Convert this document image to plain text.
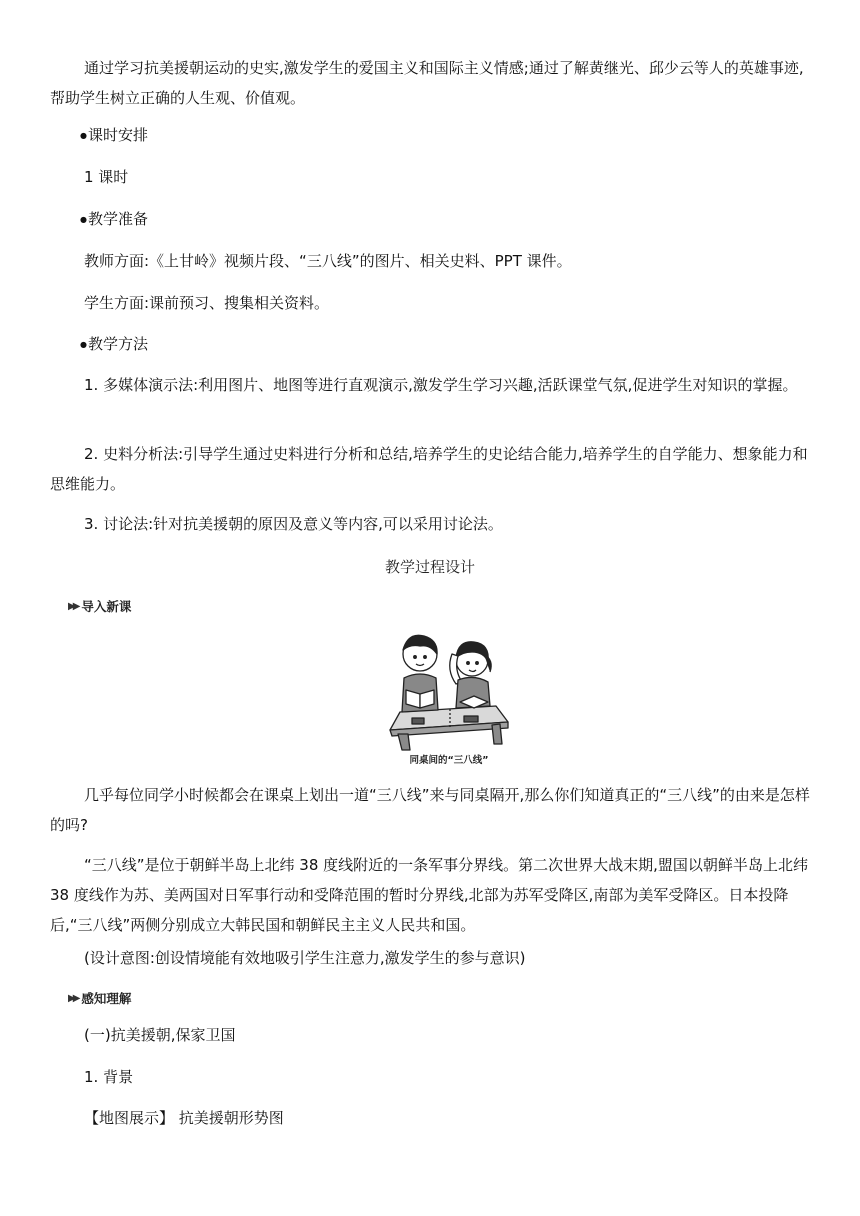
通过学习抗美援朝运动的史实,激发学生的爱国主义和国际主义情感;通过了解黄继光、邱少云等人的英雄事迹,帮助学生树立正确的人生观、价值观。

● 课时安排

1 课时

● 教学准备

教师方面:《上甘岭》视频片段、“三八线”的图片、相关史料、PPT 课件。

学生方面:课前预习、搜集相关资料。

● 教学方法

1. 多媒体演示法:利用图片、地图等进行直观演示,激发学生学习兴趣,活跃课堂气氛,促进学生对知识的掌握。

2. 史料分析法:引导学生通过史料进行分析和总结,培养学生的史论结合能力,培养学生的自学能力、想象能力和思维能力。

3. 讨论法:针对抗美援朝的原因及意义等内容,可以采用讨论法。

教学过程设计
▶▶ 导入新课
同桌间的“三八线”

几乎每位同学小时候都会在课桌上划出一道“三八线”来与同桌隔开,那么你们知道真正的“三八线”的由来是怎样的吗?

“三八线”是位于朝鲜半岛上北纬 38 度线附近的一条军事分界线。第二次世界大战末期,盟国以朝鲜半岛上北纬 38 度线作为苏、美两国对日军事行动和受降范围的暂时分界线,北部为苏军受降区,南部为美军受降区。日本投降后,“三八线”两侧分别成立大韩民国和朝鲜民主主义人民共和国。

(设计意图:创设情境能有效地吸引学生注意力,激发学生的参与意识)

▶▶ 感知理解

(一)抗美援朝,保家卫国

1. 背景

【地图展示】 抗美援朝形势图
